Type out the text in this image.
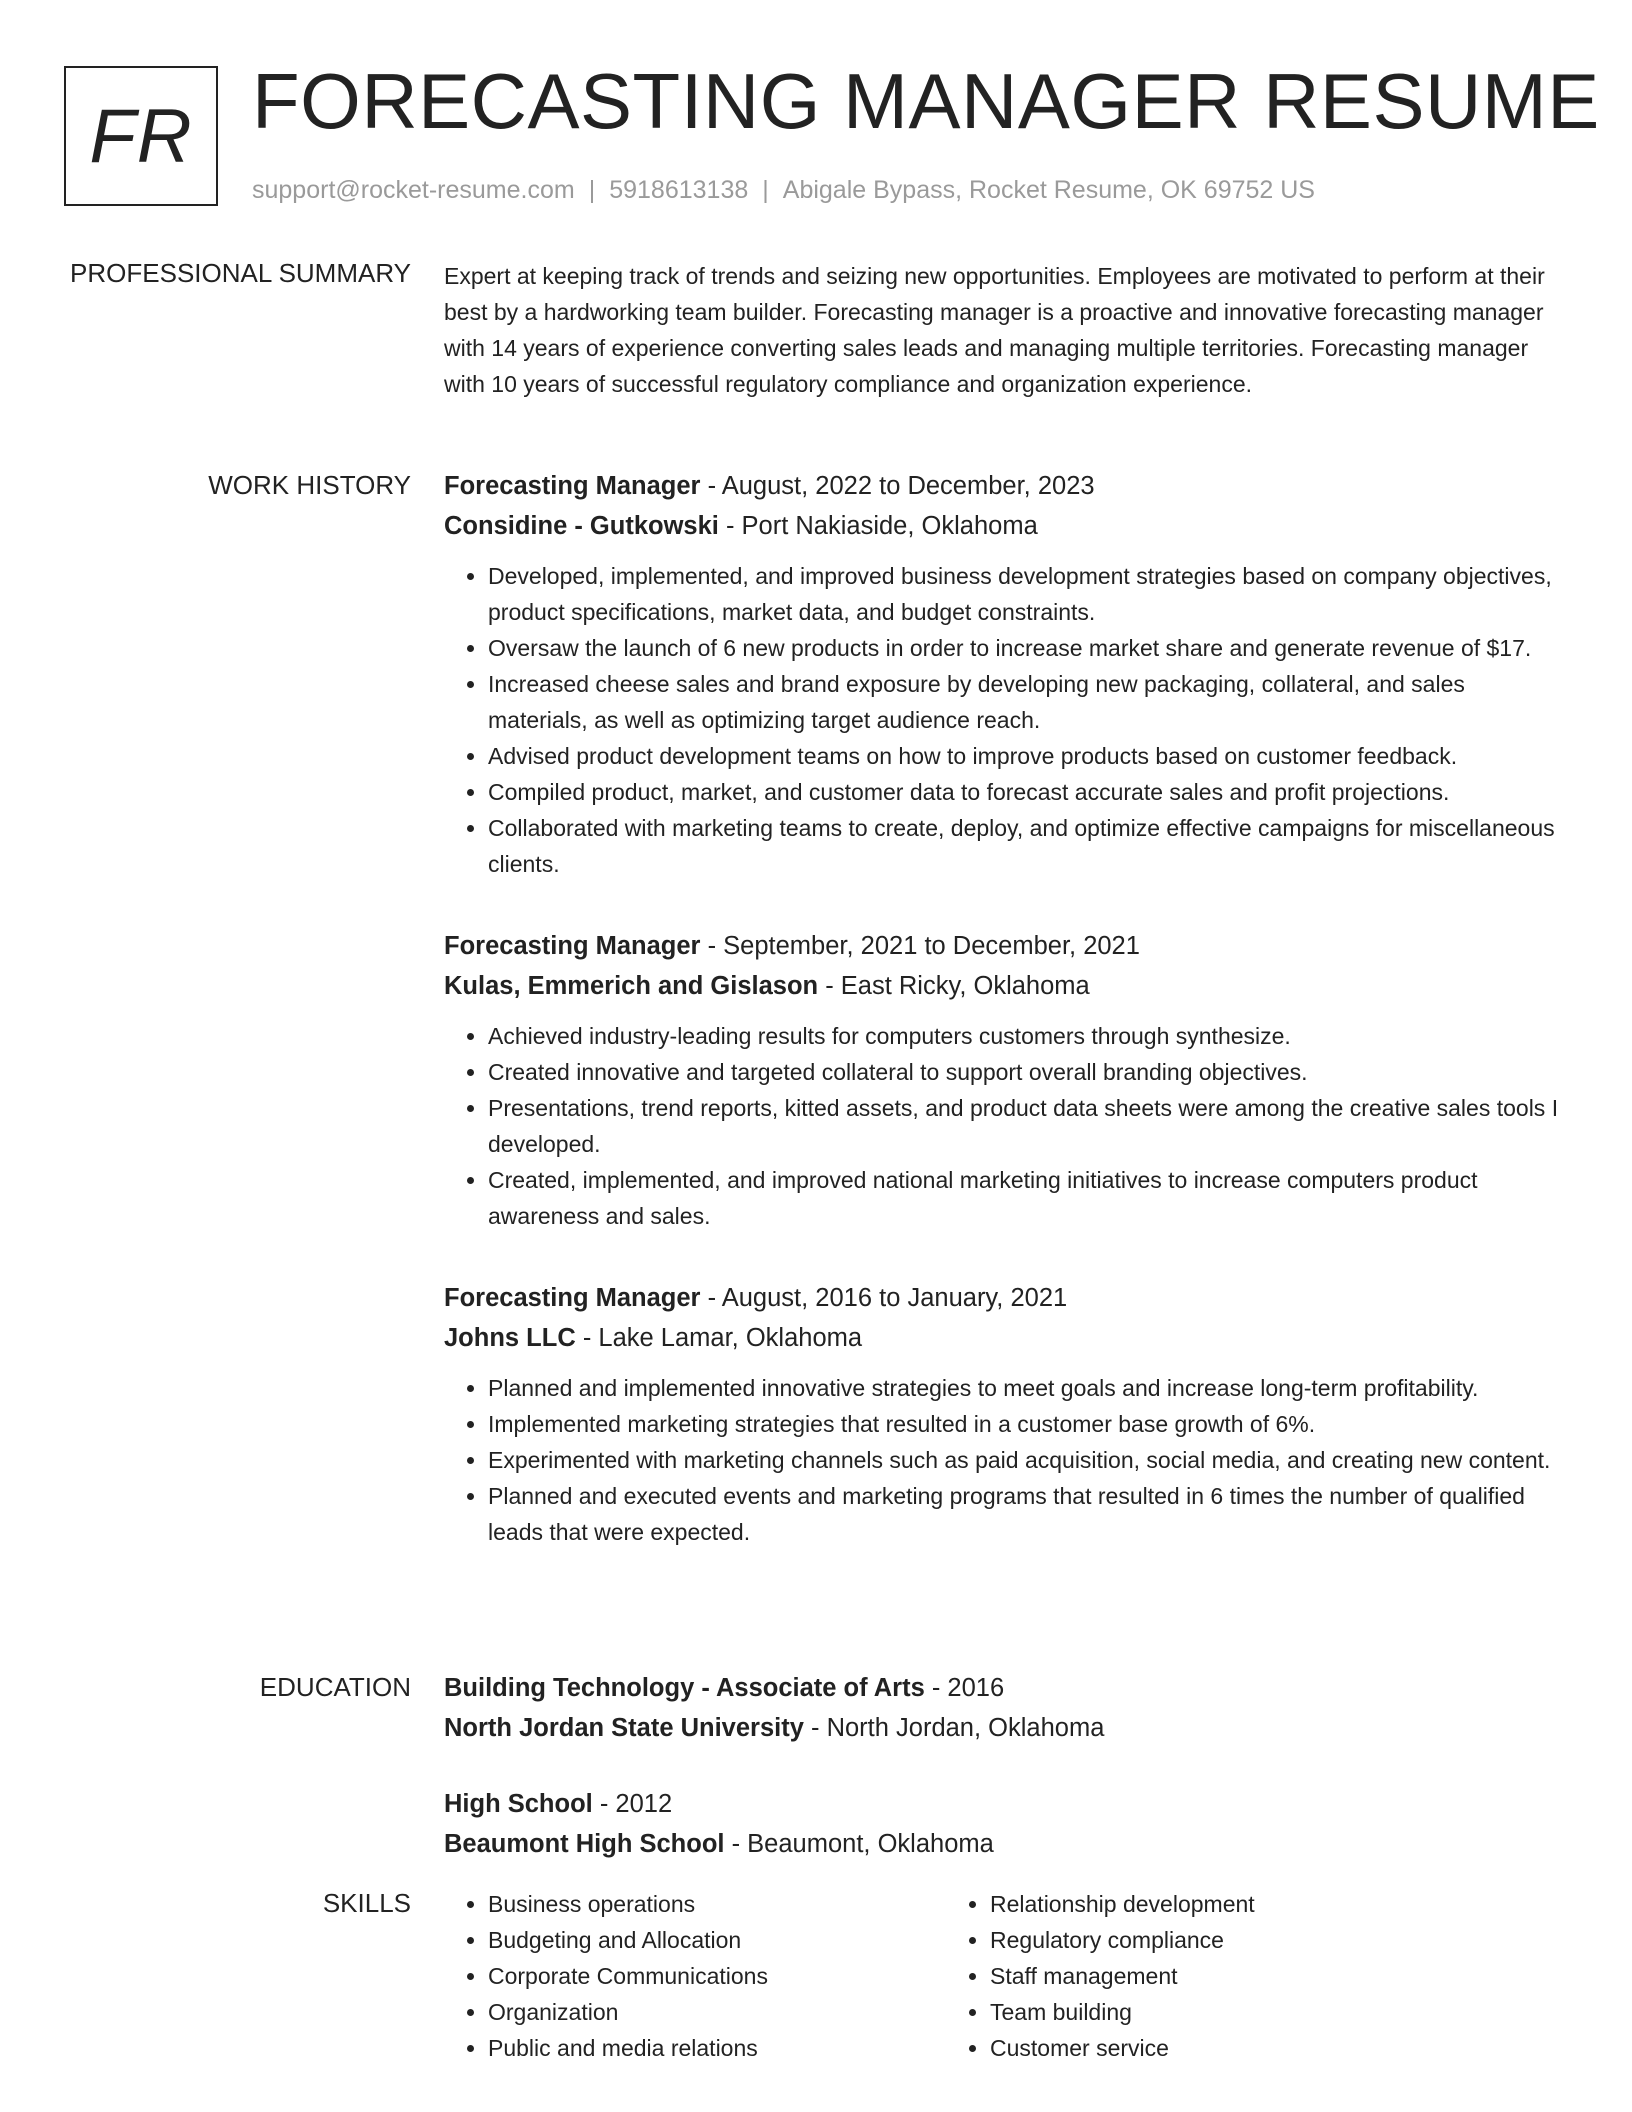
FR FORECASTING MANAGER RESUME
support@rocket-resume.com | 5918613138 | Abigale Bypass, Rocket Resume, OK 69752 US
PROFESSIONAL SUMMARY Expert at keeping track of trends and seizing new opportunities. Employees are motivated to perform at their best by a hardworking team builder. Forecasting manager is a proactive and innovative forecasting manager with 14 years of experience converting sales leads and managing multiple territories. Forecasting manager with 10 years of successful regulatory compliance and organization experience.

WORK HISTORY Forecasting Manager - August, 2022 to December, 2023

Considine - Gutkowski - Port Nakiaside, Oklahoma

• Developed, implemented, and improved business development strategies based on company objectives, product specifications, market data, and budget constraints.
• Oversaw the launch of 6 new products in order to increase market share and generate revenue of $17.
• Increased cheese sales and brand exposure by developing new packaging, collateral, and sales materials, as well as optimizing target audience reach.
• Advised product development teams on how to improve products based on customer feedback.
• Compiled product, market, and customer data to forecast accurate sales and profit projections.
• Collaborated with marketing teams to create, deploy, and optimize effective campaigns for miscellaneous clients.

Forecasting Manager - September, 2021 to December, 2021

Kulas, Emmerich and Gislason - East Ricky, Oklahoma

• Achieved industry-leading results for computers customers through synthesize.
• Created innovative and targeted collateral to support overall branding objectives.
• Presentations, trend reports, kitted assets, and product data sheets were among the creative sales tools I developed.
• Created, implemented, and improved national marketing initiatives to increase computers product awareness and sales.

Forecasting Manager - August, 2016 to January, 2021

Johns LLC - Lake Lamar, Oklahoma

• Planned and implemented innovative strategies to meet goals and increase long-term profitability.
• Implemented marketing strategies that resulted in a customer base growth of 6%.
• Experimented with marketing channels such as paid acquisition, social media, and creating new content.
• Planned and executed events and marketing programs that resulted in 6 times the number of qualified leads that were expected.
EDUCATION Building Technology - Associate of Arts - 2016

North Jordan State University - North Jordan, Oklahoma

High School - 2012

Beaumont High School - Beaumont, Oklahoma

SKILLS
•	Business operations
• Budgeting and Allocation
• Corporate Communications
• Organization
• Public and media relations
• Relationship development
• Regulatory compliance
• Staff management
• Team building
• Customer service
